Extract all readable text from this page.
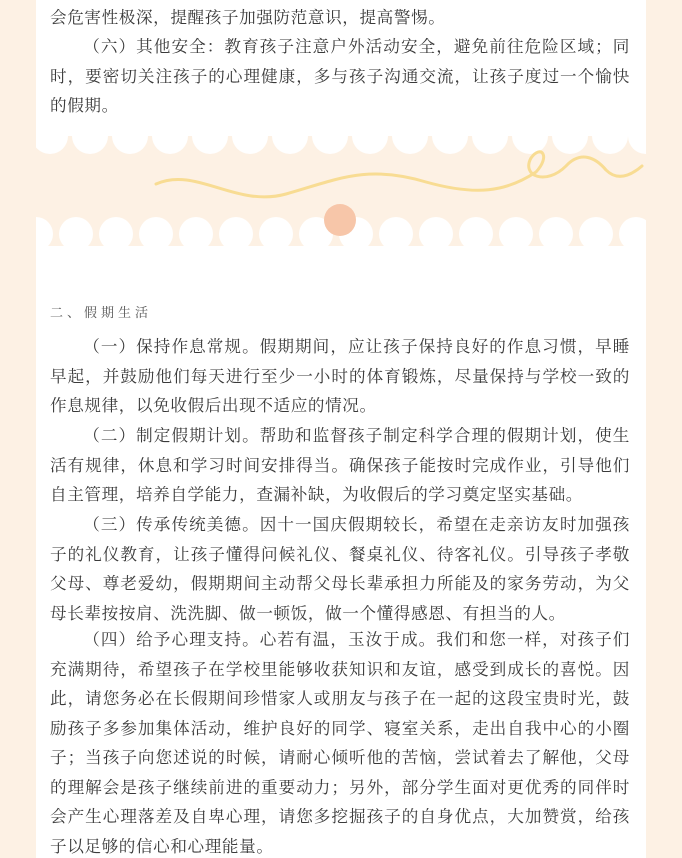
会危害性极深，提醒孩子加强防范意识，提高警惕。

（六）其他安全：教育孩子注意户外活动安全，避免前往危险区域；同时，要密切关注孩子的心理健康，多与孩子沟通交流，让孩子度过一个愉快的假期。

二、假期生活

（一）保持作息常规。假期期间，应让孩子保持良好的作息习惯，早睡早起，并鼓励他们每天进行至少一小时的体育锻炼，尽量保持与学校一致的作息规律，以免收假后出现不适应的情况。

（二）制定假期计划。帮助和监督孩子制定科学合理的假期计划，使生活有规律，休息和学习时间安排得当。确保孩子能按时完成作业，引导他们自主管理，培养自学能力，查漏补缺，为收假后的学习奠定坚实基础。

（三）传承传统美德。因十一国庆假期较长，希望在走亲访友时加强孩子的礼仪教育，让孩子懂得问候礼仪、餐桌礼仪、待客礼仪。引导孩子孝敬父母、尊老爱幼，假期期间主动帮父母长辈承担力所能及的家务劳动，为父母长辈按按肩、洗洗脚、做一顿饭，做一个懂得感恩、有担当的人。

（四）给予心理支持。心若有温，玉汝于成。我们和您一样，对孩子们充满期待，希望孩子在学校里能够收获知识和友谊，感受到成长的喜悦。因此，请您务必在长假期间珍惜家人或朋友与孩子在一起的这段宝贵时光，鼓励孩子多参加集体活动，维护良好的同学、寝室关系，走出自我中心的小圈子；当孩子向您述说的时候，请耐心倾听他的苦恼，尝试着去了解他，父母的理解会是孩子继续前进的重要动力；另外，部分学生面对更优秀的同伴时会产生心理落差及自卑心理，请您多挖掘孩子的自身优点，大加赞赏，给孩子以足够的信心和心理能量。
